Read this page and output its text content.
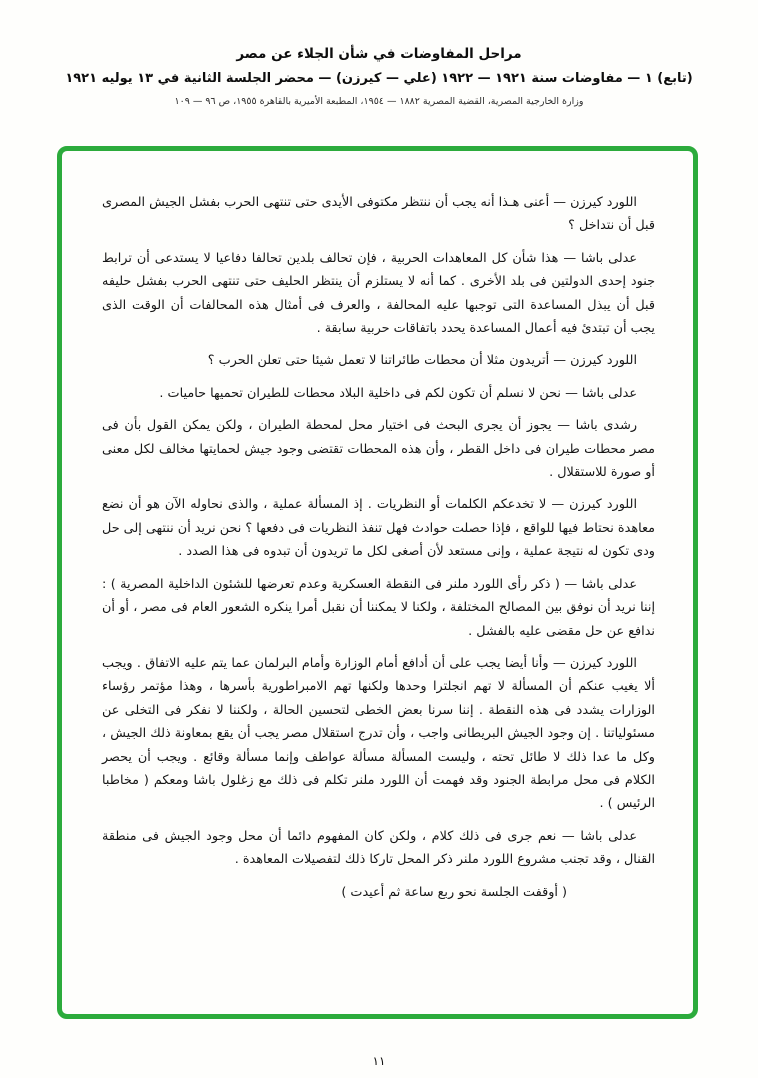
مراحل المفاوضات في شأن الجلاء عن مصر
(تابع) ١ — مفاوضات سنة ١٩٢١ — ١٩٢٢ (علي — كيرزن) — محضر الجلسة الثانية في ١٣ يوليه ١٩٢١
وزارة الخارجية المصرية، القضية المصرية ١٨٨٢ — ١٩٥٤، المطبعة الأميرية بالقاهرة ١٩٥٥، ص ٩٦ — ١٠٩

اللورد كيرزن — أعنى هـذا أنه يجب أن ننتظر مكتوفى الأيدى حتى تنتهى الحرب بفشل الجيش المصرى قبل أن نتداخل ؟

عدلى باشا — هذا شأن كل المعاهدات الحربية ، فإن تحالف بلدين تحالفا دفاعيا لا يستدعى أن ترابط جنود إحدى الدولتين فى بلد الأخرى . كما أنه لا يستلزم أن ينتظر الحليف حتى تنتهى الحرب بفشل حليفه قبل أن يبذل المساعدة التى توجبها عليه المحالفة ، والعرف فى أمثال هذه المحالفات أن الوقت الذى يجب أن تبتدئ فيه أعمال المساعدة يحدد باتفاقات حربية سابقة .

اللورد كيرزن — أتريدون مثلا أن محطات طائراتنا لا تعمل شيئا حتى تعلن الحرب ؟

عدلى باشا — نحن لا نسلم أن تكون لكم فى داخلية البلاد محطات للطيران تحميها حاميات .

رشدى باشا — يجوز أن يجرى البحث فى اختيار محل لمحطة الطيران ، ولكن يمكن القول بأن فى مصر محطات طيران فى داخل القطر ، وأن هذه المحطات تقتضى وجود جيش لحمايتها مخالف لكل معنى أو صورة للاستقلال .

اللورد كيرزن — لا تخدعكم الكلمات أو النظريات . إذ المسألة عملية ، والذى نحاوله الآن هو أن نضع معاهدة نحتاط فيها للواقع ، فإذا حصلت حوادث فهل تنفذ النظريات فى دفعها ؟ نحن نريد أن ننتهى إلى حل ودى تكون له نتيجة عملية ، وإنى مستعد لأن أصغى لكل ما تريدون أن تبدوه فى هذا الصدد .

عدلى باشا — ( ذكر رأى اللورد ملنر فى النقطة العسكرية وعدم تعرضها للشئون الداخلية المصرية ) : إننا نريد أن نوفق بين المصالح المختلفة ، ولكنا لا يمكننا أن نقبل أمرا ينكره الشعور العام فى مصر ، أو أن ندافع عن حل مقضى عليه بالفشل .

اللورد كيرزن — وأنا أيضا يجب على أن أدافع أمام الوزارة وأمام البرلمان عما يتم عليه الاتفاق . ويجب ألا يغيب عنكم أن المسألة لا تهم انجلترا وحدها ولكنها تهم الامبراطورية بأسرها ، وهذا مؤتمر رؤساء الوزارات يشدد فى هذه النقطة . إننا سرنا بعض الخطى لتحسين الحالة ، ولكننا لا نفكر فى التخلى عن مسئولياتنا . إن وجود الجيش البريطانى واجب ، وأن تدرج استقلال مصر يجب أن يقع بمعاونة ذلك الجيش ، وكل ما عدا ذلك لا طائل تحته ، وليست المسألة مسألة عواطف وإنما مسألة وقائع . ويجب أن يحصر الكلام فى محل مرابطة الجنود وقد فهمت أن اللورد ملنر تكلم فى ذلك مع زغلول باشا ومعكم ( مخاطبا الرئيس ) .

عدلى باشا — نعم جرى فى ذلك كلام ، ولكن كان المفهوم دائما أن محل وجود الجيش فى منطقة القنال ، وقد تجنب مشروع اللورد ملنر ذكر المحل تاركا ذلك لتفصيلات المعاهدة .

( أوقفت الجلسة نحو ربع ساعة ثم أعيدت )

١١
